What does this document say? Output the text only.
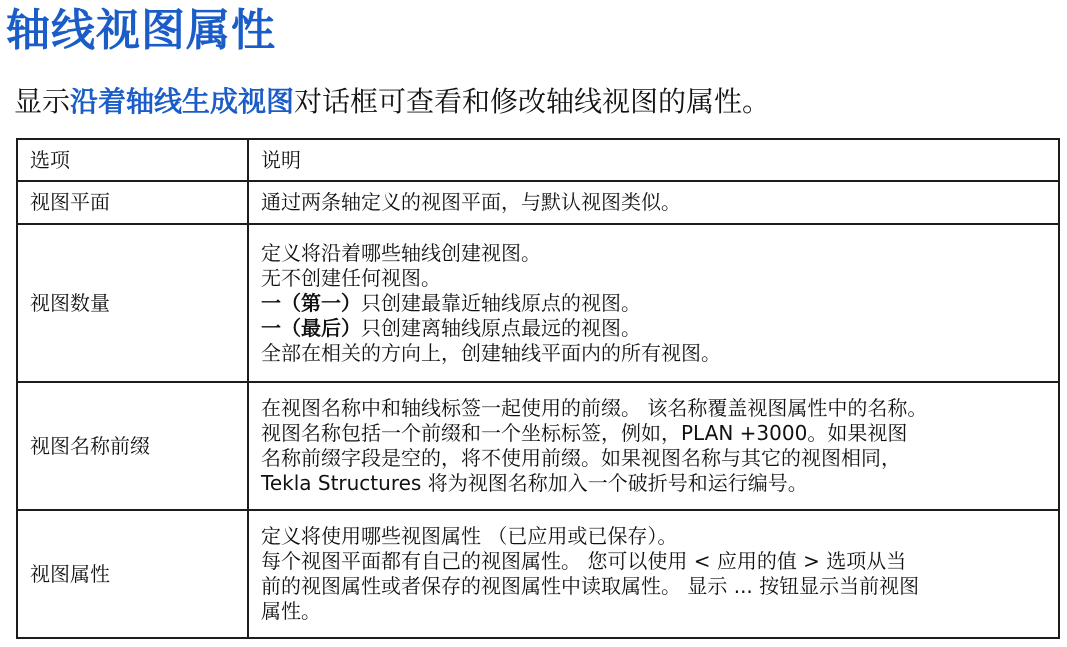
轴线视图属性
显示沿着轴线生成视图对话框可查看和修改轴线视图的属性。
选项	说明
视图平面	通过两条轴定义的视图平面，与默认视图类似。

视图数量	定义将沿着哪些轴线创建视图。
无不创建任何视图。
一（第一）只创建最靠近轴线原点的视图。
一（最后）只创建离轴线原点最远的视图。
全部在相关的方向上，创建轴线平面内的所有视图。

视图名称前缀	在视图名称中和轴线标签一起使用的前缀。 该名称覆盖视图属性中的名称。
视图名称包括一个前缀和一个坐标标签，例如，PLAN +3000。如果视图
名称前缀字段是空的，将不使用前缀。如果视图名称与其它的视图相同，
Tekla Structures 将为视图名称加入一个破折号和运行编号。

视图属性	定义将使用哪些视图属性 （已应用或已保存）。
每个视图平面都有自己的视图属性。 您可以使用 < 应用的值 > 选项从当
前的视图属性或者保存的视图属性中读取属性。 显示 ... 按钮显示当前视图
属性。
